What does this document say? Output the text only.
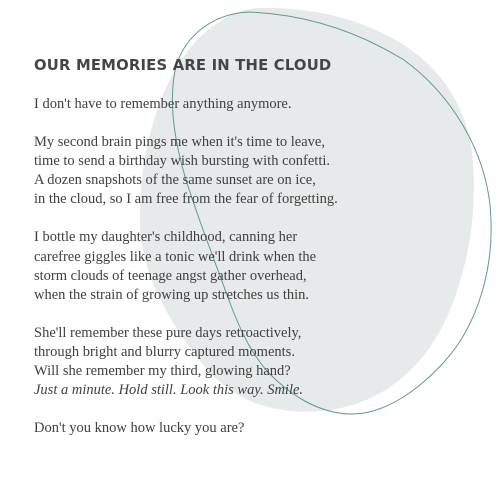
OUR MEMORIES ARE IN THE CLOUD
I don't have to remember anything anymore.
My second brain pings me when it's time to leave,
time to send a birthday wish bursting with confetti.
A dozen snapshots of the same sunset are on ice,
in the cloud, so I am free from the fear of forgetting.
I bottle my daughter's childhood, canning her
carefree giggles like a tonic we'll drink when the
storm clouds of teenage angst gather overhead,
when the strain of growing up stretches us thin.
She'll remember these pure days retroactively,
through bright and blurry captured moments.
Will she remember my third, glowing hand?
Just a minute. Hold still. Look this way. Smile.
Don't you know how lucky you are?
